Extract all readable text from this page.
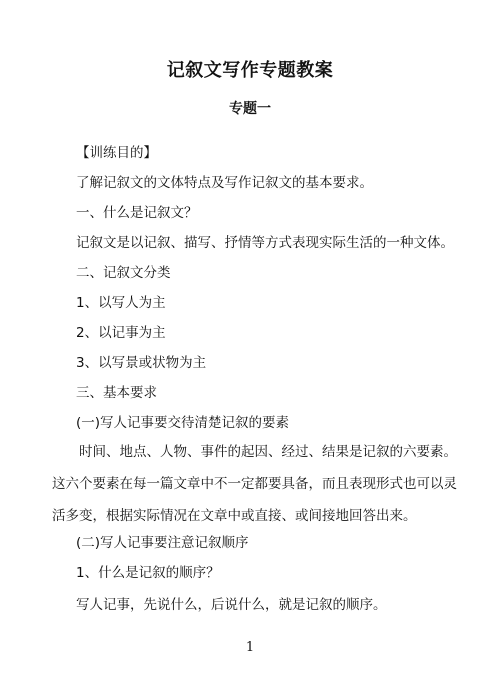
记叙文写作专题教案
专题一
【训练目的】
了解记叙文的文体特点及写作记叙文的基本要求。
一、什么是记叙文？
记叙文是以记叙、描写、抒情等方式表现实际生活的一种文体。
二、记叙文分类
1、以写人为主
2、以记事为主
3、以写景或状物为主
三、基本要求
(一)写人记事要交待清楚记叙的要素
时间、地点、人物、事件的起因、经过、结果是记叙的六要素。这六个要素在每一篇文章中不一定都要具备，而且表现形式也可以灵活多变，根据实际情况在文章中或直接、或间接地回答出来。
(二)写人记事要注意记叙顺序
1、什么是记叙的顺序？
写人记事，先说什么，后说什么，就是记叙的顺序。
1
